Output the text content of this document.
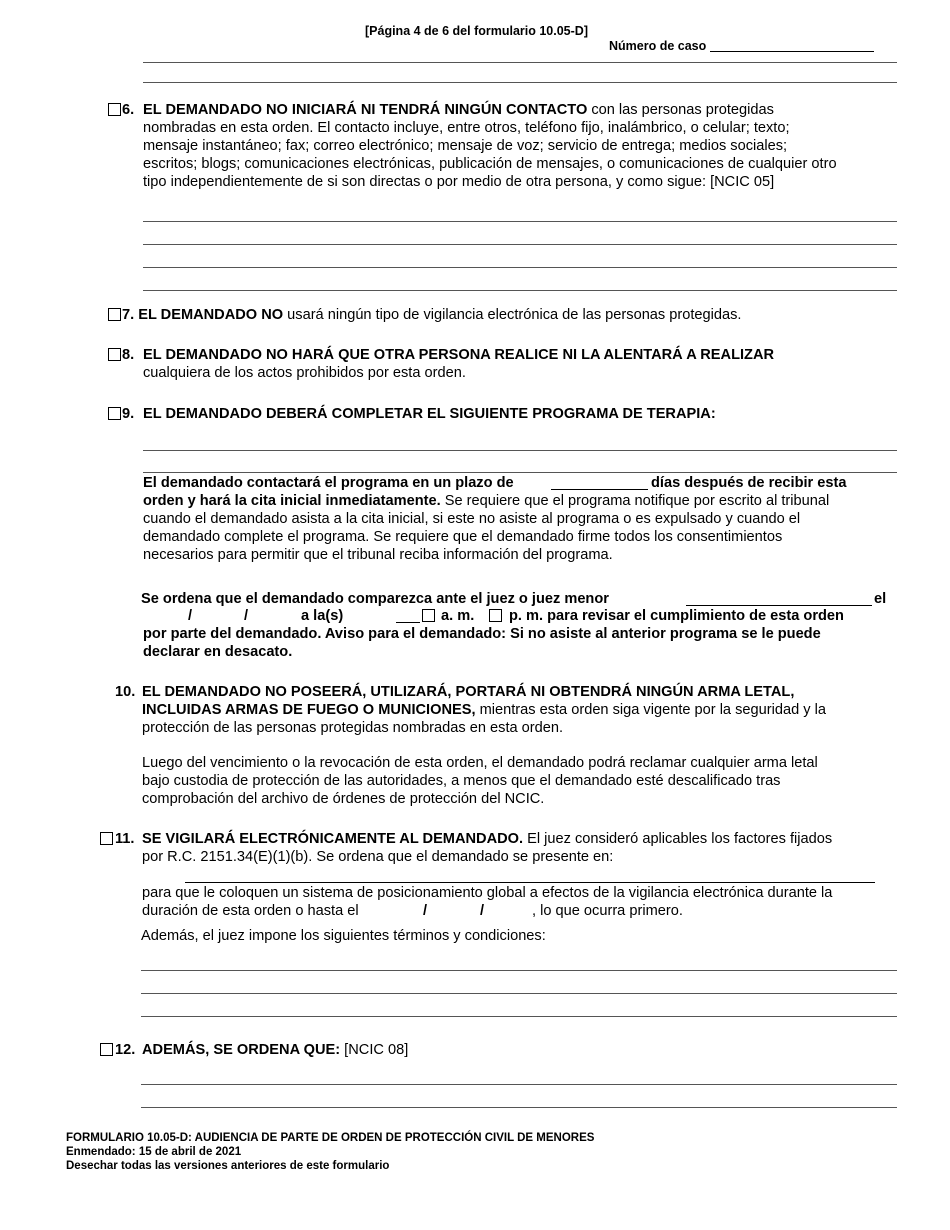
[Página 4 de 6 del formulario 10.05-D]
Número de caso
6. EL DEMANDADO NO INICIARÁ NI TENDRÁ NINGÚN CONTACTO con las personas protegidas
nombradas en esta orden. El contacto incluye, entre otros, teléfono fijo, inalámbrico, o celular; texto;
mensaje instantáneo; fax; correo electrónico; mensaje de voz; servicio de entrega; medios sociales;
escritos; blogs; comunicaciones electrónicas, publicación de mensajes, o comunicaciones de cualquier otro
tipo independientemente de si son directas o por medio de otra persona, y como sigue: [NCIC 05]
7. EL DEMANDADO NO usará ningún tipo de vigilancia electrónica de las personas protegidas.
8. EL DEMANDADO NO HARÁ QUE OTRA PERSONA REALICE NI LA ALENTARÁ A REALIZAR
cualquiera de los actos prohibidos por esta orden.
9. EL DEMANDADO DEBERÁ COMPLETAR EL SIGUIENTE PROGRAMA DE TERAPIA:
El demandado contactará el programa en un plazo de	días después de recibir esta
orden y hará la cita inicial inmediatamente. Se requiere que el programa notifique por escrito al tribunal
cuando el demandado asista a la cita inicial, si este no asiste al programa o es expulsado y cuando el
demandado complete el programa. Se requiere que el demandado firme todos los consentimientos
necesarios para permitir que el tribunal reciba información del programa.
Se ordena que el demandado comparezca ante el juez o juez menor	el
/	/	a la(s)	a. m. p. m. para revisar el cumplimiento de esta orden
por parte del demandado. Aviso para el demandado: Si no asiste al anterior programa se le puede
declarar en desacato.
10. EL DEMANDADO NO POSEERÁ, UTILIZARÁ, PORTARÁ NI OBTENDRÁ NINGÚN ARMA LETAL,
INCLUIDAS ARMAS DE FUEGO O MUNICIONES, mientras esta orden siga vigente por la seguridad y la
protección de las personas protegidas nombradas en esta orden.
Luego del vencimiento o la revocación de esta orden, el demandado podrá reclamar cualquier arma letal
bajo custodia de protección de las autoridades, a menos que el demandado esté descalificado tras
comprobación del archivo de órdenes de protección del NCIC.
11. SE VIGILARÁ ELECTRÓNICAMENTE AL DEMANDADO. El juez consideró aplicables los factores fijados
por R.C. 2151.34(E)(1)(b). Se ordena que el demandado se presente en:
para que le coloquen un sistema de posicionamiento global a efectos de la vigilancia electrónica durante la
duración de esta orden o hasta el	/	/	, lo que ocurra primero.
Además, el juez impone los siguientes términos y condiciones:
12. ADEMÁS, SE ORDENA QUE: [NCIC 08]
FORMULARIO 10.05-D: AUDIENCIA DE PARTE DE ORDEN DE PROTECCIÓN CIVIL DE MENORES
Enmendado: 15 de abril de 2021
Desechar todas las versiones anteriores de este formulario
